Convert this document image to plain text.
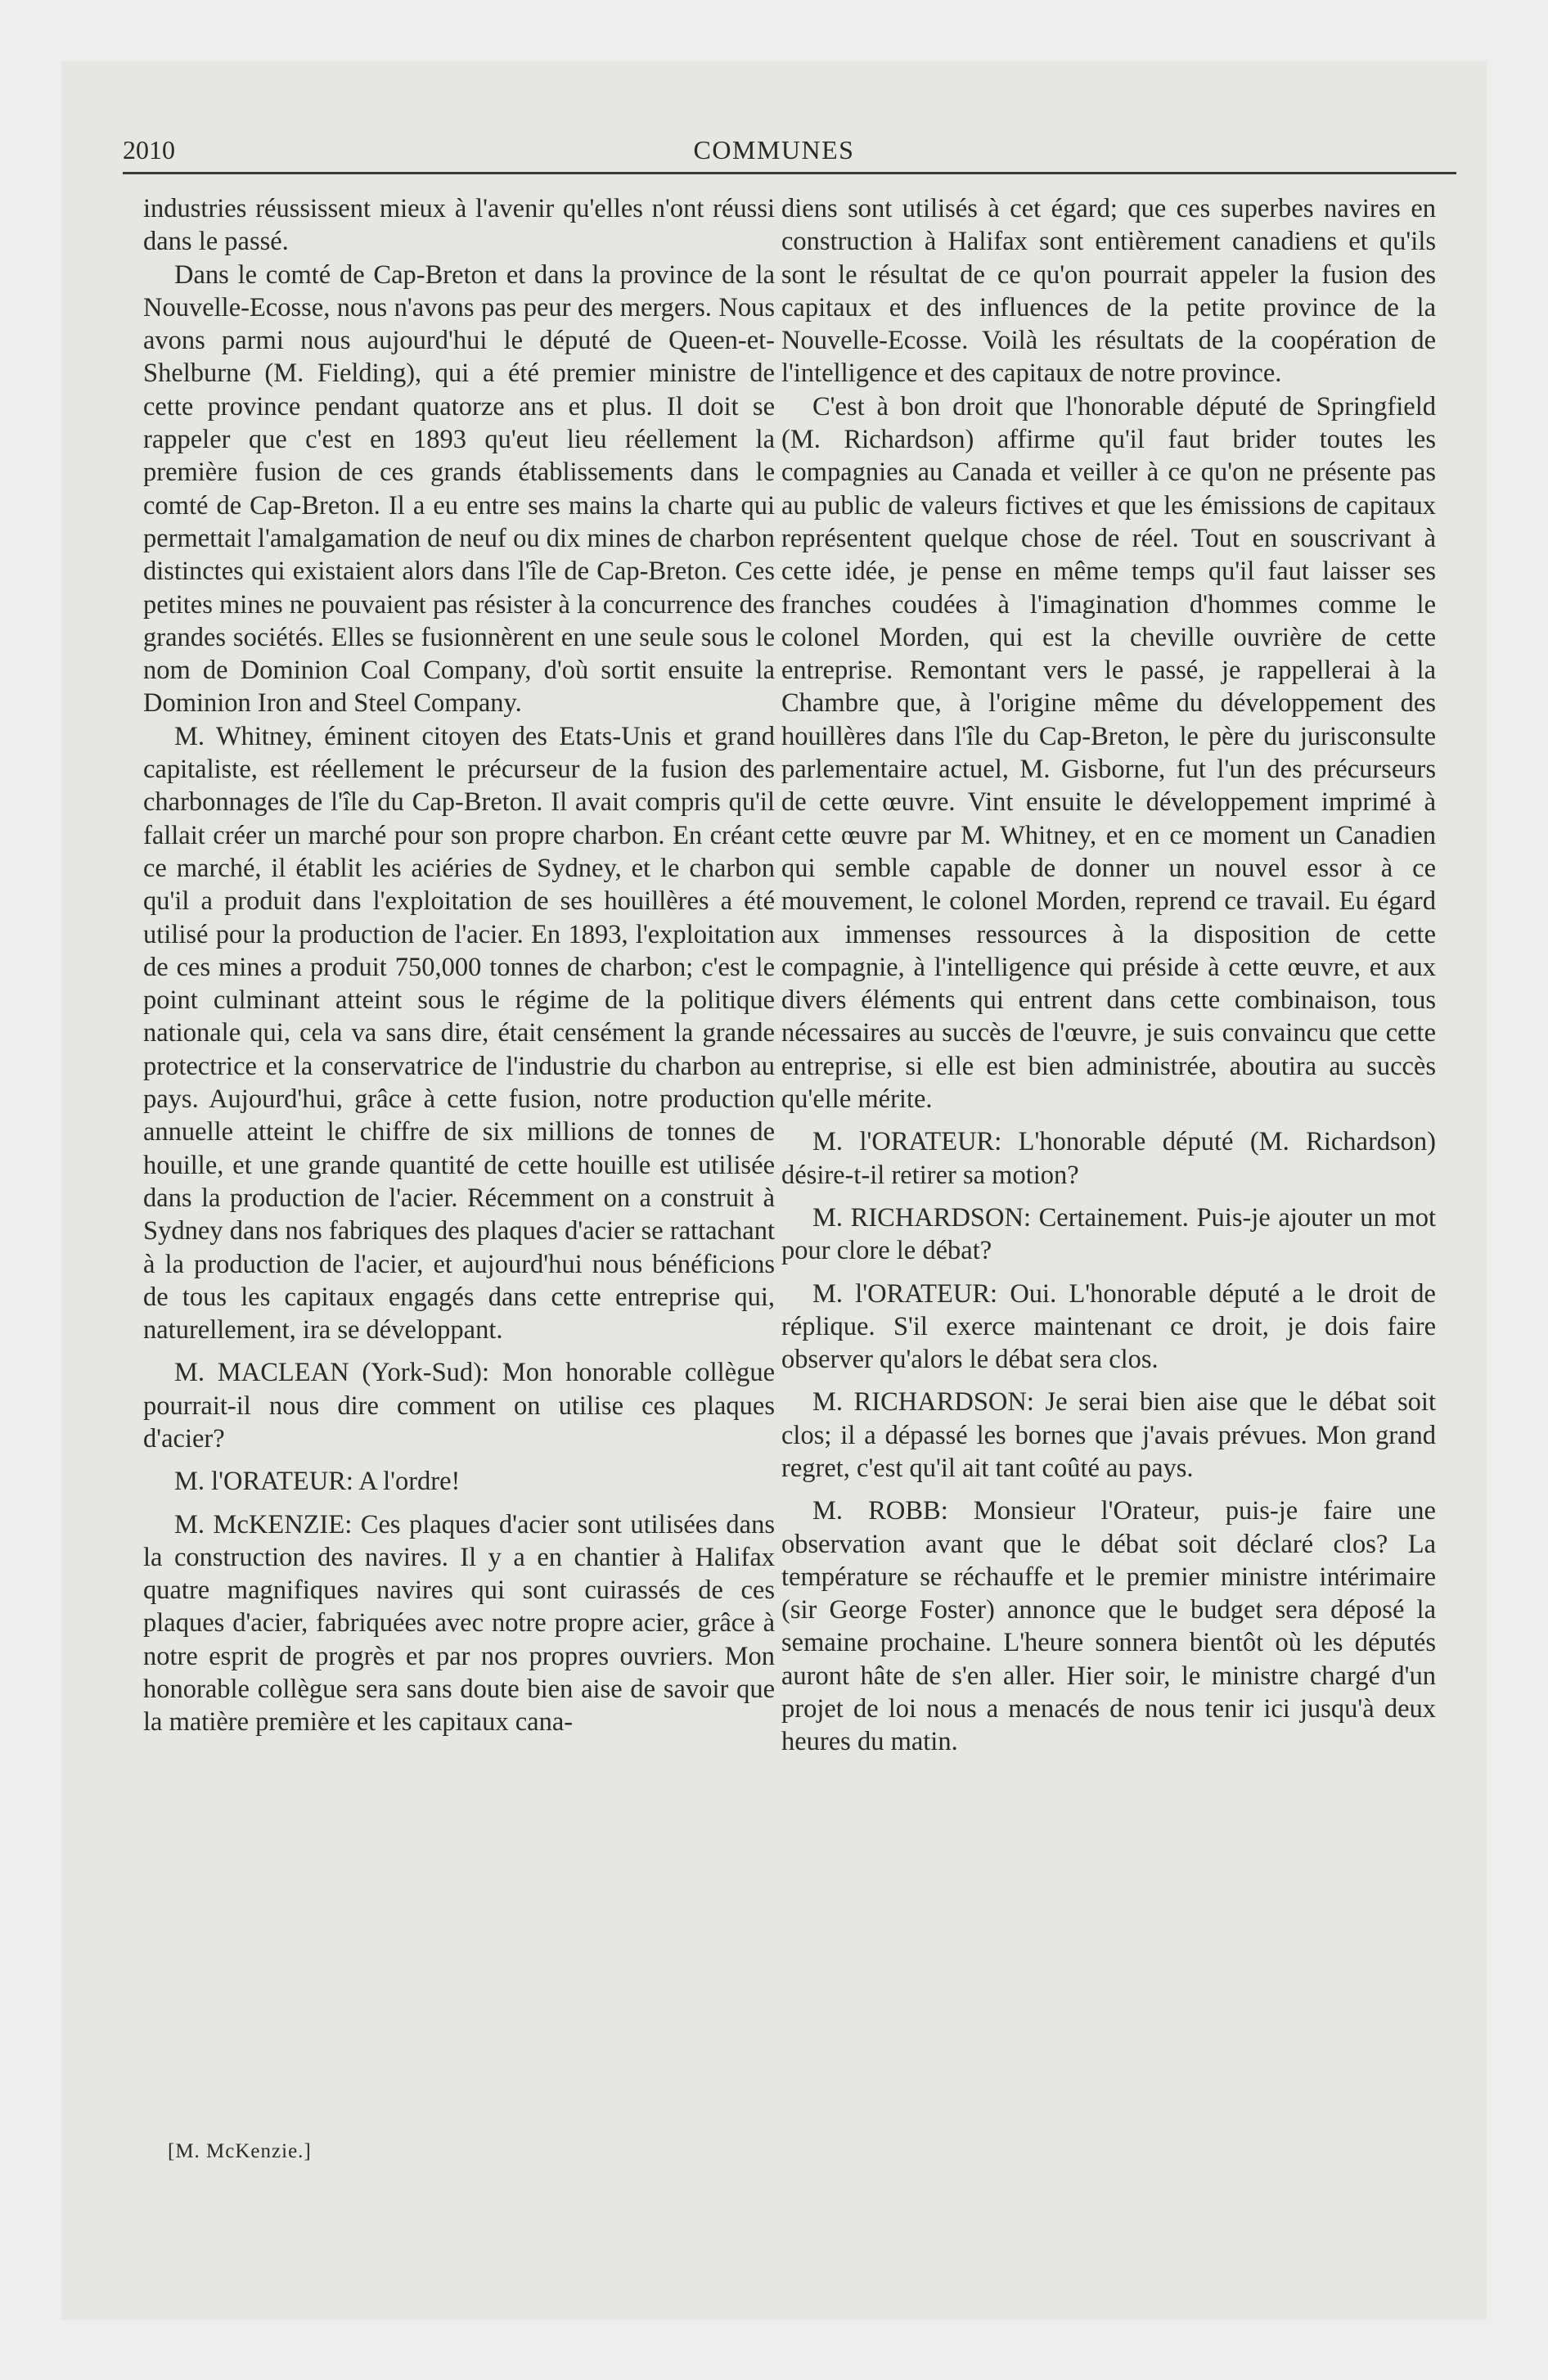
2010	COMMUNES

industries réussissent mieux à l'avenir qu'elles n'ont réussi dans le passé.

Dans le comté de Cap-Breton et dans la province de la Nouvelle-Ecosse, nous n'avons pas peur des mergers. Nous avons parmi nous aujourd'hui le député de Queen-et-Shelburne (M. Fielding), qui a été premier ministre de cette province pendant quatorze ans et plus. Il doit se rappeler que c'est en 1893 qu'eut lieu réellement la première fusion de ces grands établissements dans le comté de Cap-Breton. Il a eu entre ses mains la charte qui permettait l'amalgamation de neuf ou dix mines de charbon distinctes qui existaient alors dans l'île de Cap-Breton. Ces petites mines ne pouvaient pas résister à la concurrence des grandes sociétés. Elles se fusionnèrent en une seule sous le nom de Dominion Coal Company, d'où sortit ensuite la Dominion Iron and Steel Company.

M. Whitney, éminent citoyen des Etats-Unis et grand capitaliste, est réellement le précurseur de la fusion des charbonnages de l'île du Cap-Breton. Il avait compris qu'il fallait créer un marché pour son propre charbon. En créant ce marché, il établit les aciéries de Sydney, et le charbon qu'il a produit dans l'exploitation de ses houillères a été utilisé pour la production de l'acier. En 1893, l'exploitation de ces mines a produit 750,000 tonnes de charbon; c'est le point culminant atteint sous le régime de la politique nationale qui, cela va sans dire, était censément la grande protectrice et la conservatrice de l'industrie du charbon au pays. Aujourd'hui, grâce à cette fusion, notre production annuelle atteint le chiffre de six millions de tonnes de houille, et une grande quantité de cette houille est utilisée dans la production de l'acier. Récemment on a construit à Sydney dans nos fabriques des plaques d'acier se rattachant à la production de l'acier, et aujourd'hui nous bénéficions de tous les capitaux engagés dans cette entreprise qui, naturellement, ira se développant.

M. MACLEAN (York-Sud): Mon honorable collègue pourrait-il nous dire comment on utilise ces plaques d'acier?

M. l'ORATEUR: A l'ordre!

M. McKENZIE: Ces plaques d'acier sont utilisées dans la construction des navires. Il y a en chantier à Halifax quatre magnifiques navires qui sont cuirassés de ces plaques d'acier, fabriquées avec notre propre acier, grâce à notre esprit de progrès et par nos propres ouvriers. Mon honorable collègue sera sans doute bien aise de savoir que la matière première et les capitaux cana-

diens sont utilisés à cet égard; que ces superbes navires en construction à Halifax sont entièrement canadiens et qu'ils sont le résultat de ce qu'on pourrait appeler la fusion des capitaux et des influences de la petite province de la Nouvelle-Ecosse. Voilà les résultats de la coopération de l'intelligence et des capitaux de notre province.

C'est à bon droit que l'honorable député de Springfield (M. Richardson) affirme qu'il faut brider toutes les compagnies au Canada et veiller à ce qu'on ne présente pas au public de valeurs fictives et que les émissions de capitaux représentent quelque chose de réel. Tout en souscrivant à cette idée, je pense en même temps qu'il faut laisser ses franches coudées à l'imagination d'hommes comme le colonel Morden, qui est la cheville ouvrière de cette entreprise. Remontant vers le passé, je rappellerai à la Chambre que, à l'origine même du développement des houillères dans l'île du Cap-Breton, le père du jurisconsulte parlementaire actuel, M. Gisborne, fut l'un des précurseurs de cette œuvre. Vint ensuite le développement imprimé à cette œuvre par M. Whitney, et en ce moment un Canadien qui semble capable de donner un nouvel essor à ce mouvement, le colonel Morden, reprend ce travail. Eu égard aux immenses ressources à la disposition de cette compagnie, à l'intelligence qui préside à cette œuvre, et aux divers éléments qui entrent dans cette combinaison, tous nécessaires au succès de l'œuvre, je suis convaincu que cette entreprise, si elle est bien administrée, aboutira au succès qu'elle mérite.

M. l'ORATEUR: L'honorable député (M. Richardson) désire-t-il retirer sa motion?

M. RICHARDSON: Certainement. Puis-je ajouter un mot pour clore le débat?

M. l'ORATEUR: Oui. L'honorable député a le droit de réplique. S'il exerce maintenant ce droit, je dois faire observer qu'alors le débat sera clos.

M. RICHARDSON: Je serai bien aise que le débat soit clos; il a dépassé les bornes que j'avais prévues. Mon grand regret, c'est qu'il ait tant coûté au pays.

M. ROBB: Monsieur l'Orateur, puis-je faire une observation avant que le débat soit déclaré clos? La température se réchauffe et le premier ministre intérimaire (sir George Foster) annonce que le budget sera déposé la semaine prochaine. L'heure sonnera bientôt où les députés auront hâte de s'en aller. Hier soir, le ministre chargé d'un projet de loi nous a menacés de nous tenir ici jusqu'à deux heures du matin.

[M. McKenzie.]
